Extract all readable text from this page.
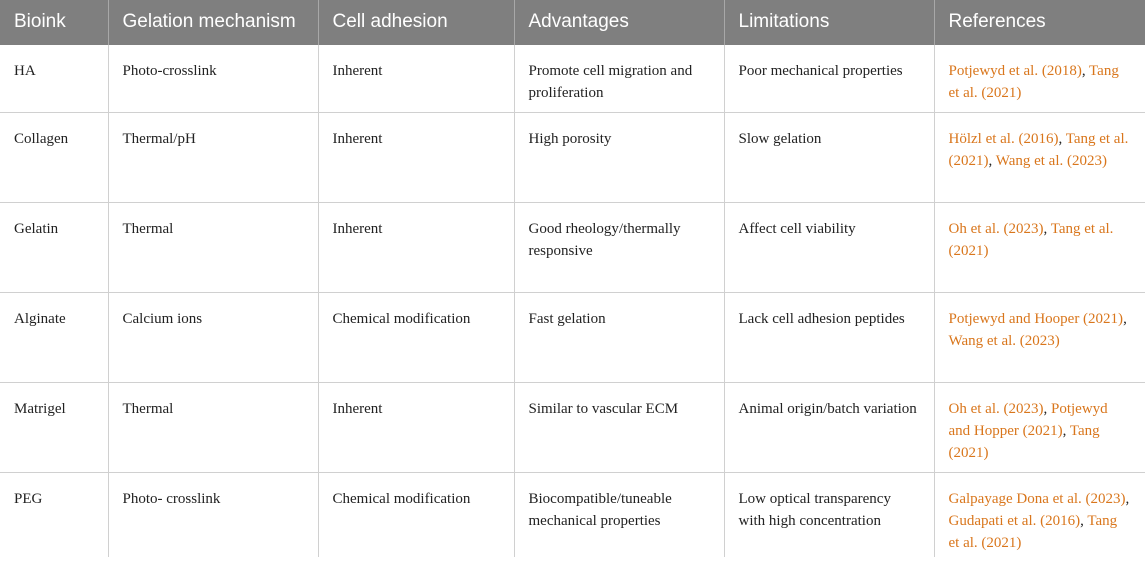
Bioink	Gelation mechanism	Cell adhesion	Advantages	Limitations	References
HA	Photo-crosslink	Inherent	Promote cell migration and proliferation	Poor mechanical properties	Potjewyd et al. (2018), Tang et al. (2021)
Collagen	Thermal/pH	Inherent	High porosity	Slow gelation	Hölzl et al. (2016), Tang et al. (2021), Wang et al. (2023)
Gelatin	Thermal	Inherent	Good rheology/thermally responsive	Affect cell viability	Oh et al. (2023), Tang et al. (2021)
Alginate	Calcium ions	Chemical modification	Fast gelation	Lack cell adhesion peptides	Potjewyd and Hooper (2021), Wang et al. (2023)
Matrigel	Thermal	Inherent	Similar to vascular ECM	Animal origin/batch variation	Oh et al. (2023), Potjewyd and Hopper (2021), Tang (2021)
PEG	Photo- crosslink	Chemical modification	Biocompatible/tuneable mechanical properties	Low optical transparency with high concentration	Galpayage Dona et al. (2023), Gudapati et al. (2016), Tang et al. (2021)
